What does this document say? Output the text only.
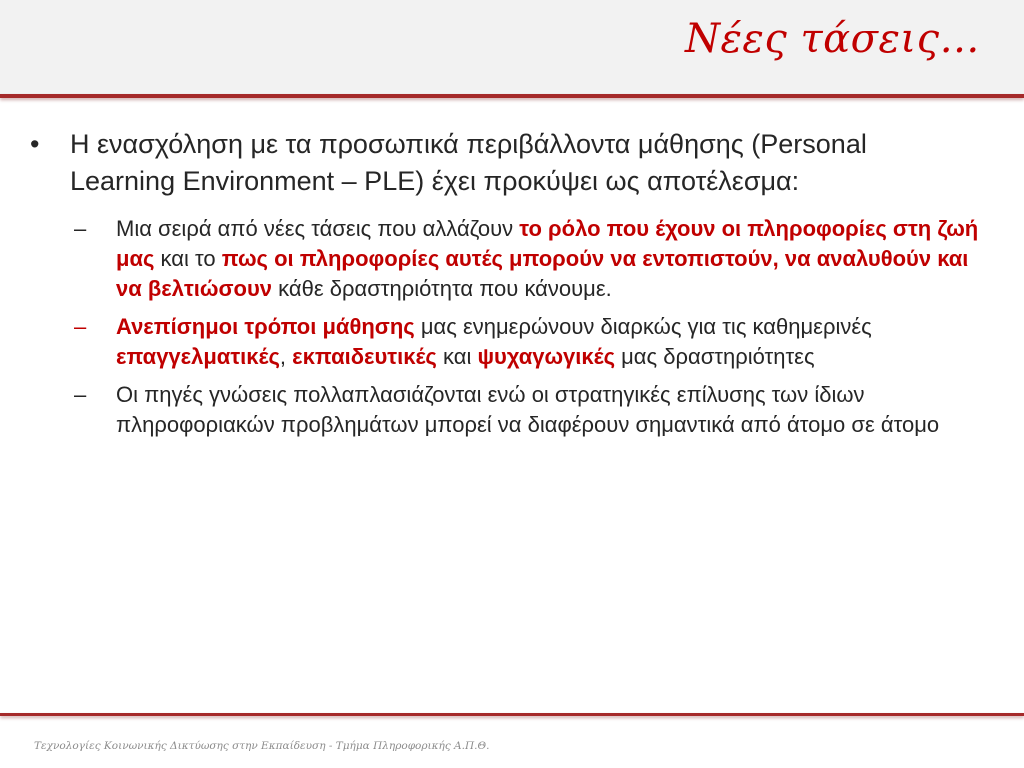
Νέες τάσεις…
•	Η ενασχόληση με τα προσωπικά περιβάλλοντα μάθησης (Personal Learning Environment – PLE) έχει προκύψει ως αποτέλεσμα:
–	Μια σειρά από νέες τάσεις που αλλάζουν το ρόλο που έχουν οι πληροφορίες στη ζωή μας και το πως οι πληροφορίες αυτές μπορούν να εντοπιστούν, να αναλυθούν και να βελτιώσουν κάθε δραστηριότητα που κάνουμε.
–	Ανεπίσημοι τρόποι μάθησης μας ενημερώνουν διαρκώς για τις καθημερινές επαγγελματικές, εκπαιδευτικές και ψυχαγωγικές μας δραστηριότητες
–	Οι πηγές γνώσεις πολλαπλασιάζονται ενώ οι στρατηγικές επίλυσης των ίδιων πληροφοριακών προβλημάτων μπορεί να διαφέρουν σημαντικά από άτομο σε άτομο
Τεχνολογίες Κοινωνικής Δικτύωσης στην Εκπαίδευση - Τμήμα Πληροφορικής Α.Π.Θ.
